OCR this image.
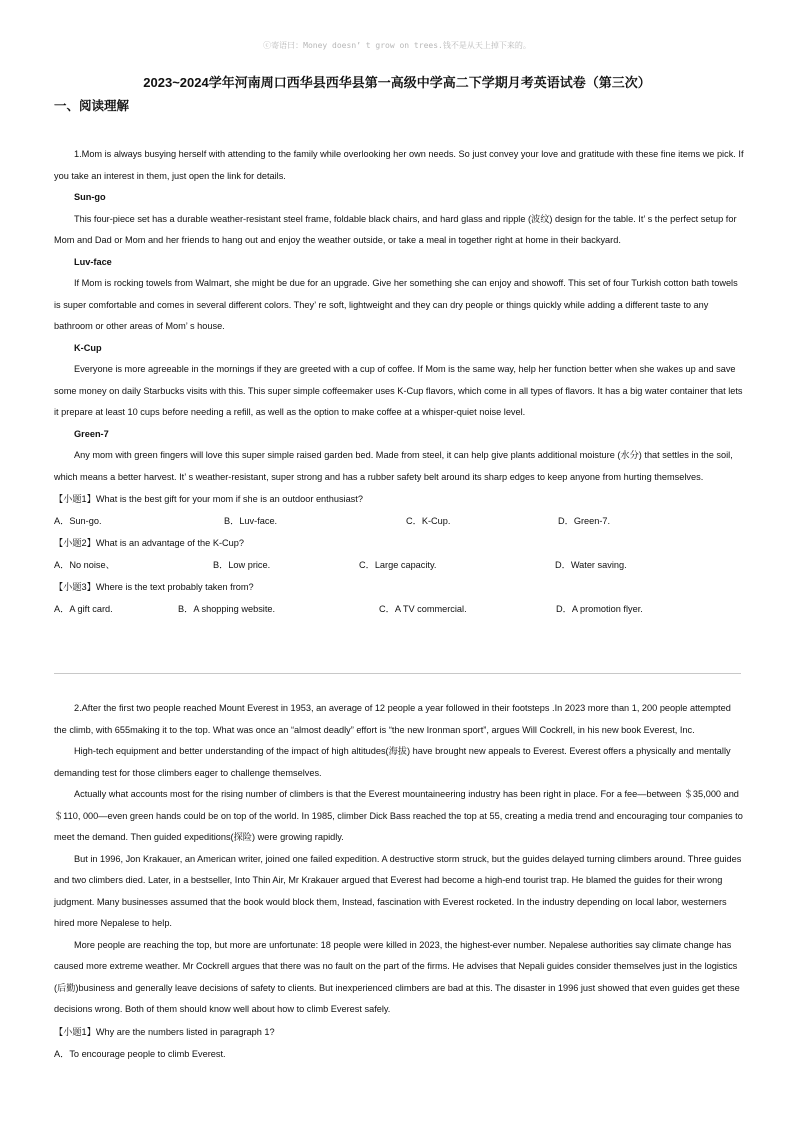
ⓒ寄语曰：Money doesn’ t grow on trees.钱不是从天上掉下来的。
2023~2024学年河南周口西华县西华县第一高级中学高二下学期月考英语试卷（第三次）
一、阅读理解
1.Mom is always busying herself with attending to the family while overlooking her own needs. So just convey your love and gratitude with these fine items we pick. If you take an interest in them, just open the link for details.
Sun-go
This four-piece set has a durable weather-resistant steel frame, foldable black chairs, and hard glass and ripple (波纹) design for the table. It’ s the perfect setup for Mom and Dad or Mom and her friends to hang out and enjoy the weather outside, or take a meal in together right at home in their backyard.
Luv-face
If Mom is rocking towels from Walmart, she might be due for an upgrade. Give her something she can enjoy and showoff. This set of four Turkish cotton bath towels is super comfortable and comes in several different colors. They’ re soft, lightweight and they can dry people or things quickly while adding a different taste to any bathroom or other areas of Mom’ s house.
K-Cup
Everyone is more agreeable in the mornings if they are greeted with a cup of coffee. If Mom is the same way, help her function better when she wakes up and save some money on daily Starbucks visits with this. This super simple coffeemaker uses K-Cup flavors, which come in all types of flavors. It has a big water container that lets it prepare at least 10 cups before needing a refill, as well as the option to make coffee at a whisper-quiet noise level.
Green-7
Any mom with green fingers will love this super simple raised garden bed. Made from steel, it can help give plants additional moisture (水分) that settles in the soil, which means a better harvest. It’ s weather-resistant, super strong and has a rubber safety belt around its sharp edges to keep anyone from hurting themselves.
【小题1】What is the best gift for your mom if she is an outdoor enthusiast?
A．Sun-go.	B．Luv-face.	C．K-Cup.	D．Green-7.
【小题2】What is an advantage of the K-Cup?
A．No noise、	B．Low price.	C．Large capacity.	D．Water saving.
【小题3】Where is the text probably taken from?
A．A gift card.	B．A shopping website.	C．A TV commercial.	D．A promotion flyer.
2.After the first two people reached Mount Everest in 1953, an average of 12 people a year followed in their footsteps .In 2023 more than 1, 200 people attempted the climb, with 655making it to the top. What was once an “almost deadly” effort is “the new Ironman sport”, argues Will Cockrell, in his new book Everest, Inc.
High-tech equipment and better understanding of the impact of high altitudes(海拔) have brought new appeals to Everest. Everest offers a physically and mentally demanding test for those climbers eager to challenge themselves.
Actually what accounts most for the rising number of climbers is that the Everest mountaineering industry has been right in place. For a fee—between ＄35,000 and ＄110, 000—even green hands could be on top of the world. In 1985, climber Dick Bass reached the top at 55, creating a media trend and encouraging tour companies to meet the demand. Then guided expeditions(探险) were growing rapidly.
But in 1996, Jon Krakauer, an American writer, joined one failed expedition. A destructive storm struck, but the guides delayed turning climbers around. Three guides and two climbers died. Later, in a bestseller, Into Thin Air, Mr Krakauer argued that Everest had become a high-end tourist trap. He blamed the guides for their wrong judgment. Many businesses assumed that the book would block them, Instead, fascination with Everest rocketed. In the industry depending on local labor, westerners hired more Nepalese to help.
More people are reaching the top, but more are unfortunate: 18 people were killed in 2023, the highest-ever number. Nepalese authorities say climate change has caused more extreme weather. Mr Cockrell argues that there was no fault on the part of the firms. He advises that Nepali guides consider themselves just in the logistics (后勤)business and generally leave decisions of safety to clients. But inexperienced climbers are bad at this. The disaster in 1996 just showed that even guides get these decisions wrong. Both of them should know well about how to climb Everest safely.
【小题1】Why are the numbers listed in paragraph 1?
A．To encourage people to climb Everest.
